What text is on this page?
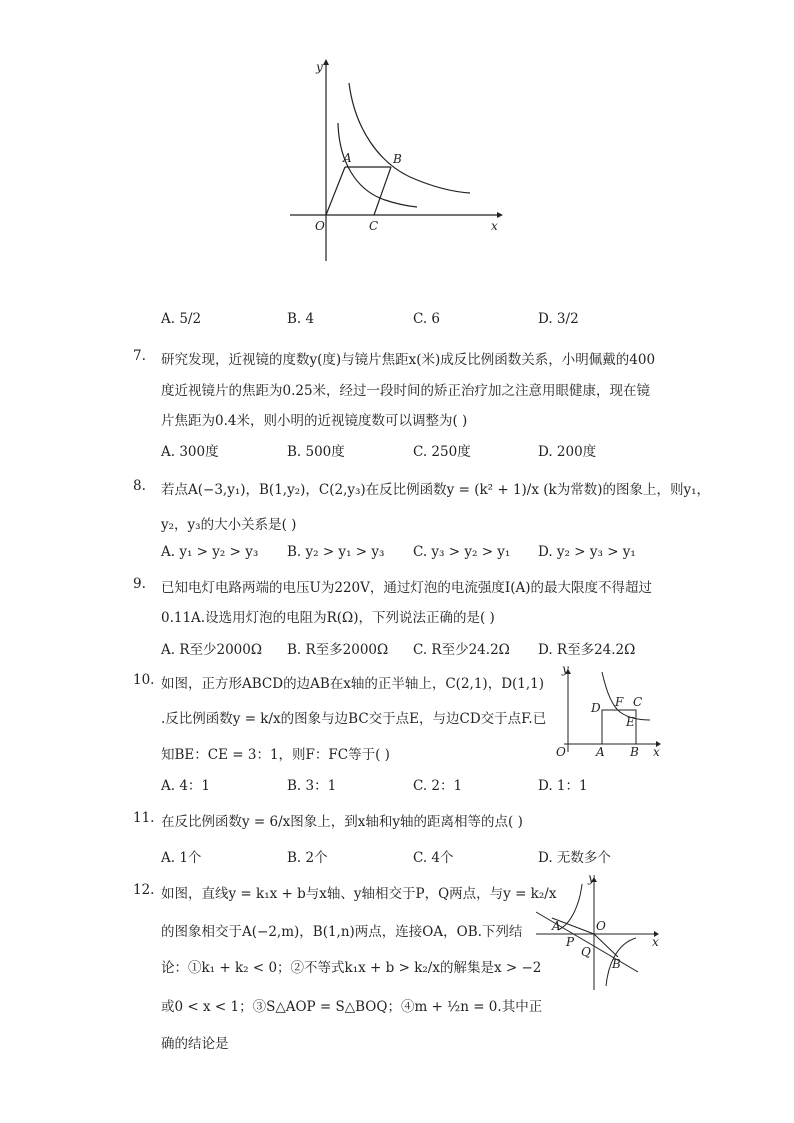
y
x
O
A	B
C
A. 5/2	B. 4	C. 6	D. 3/2
7. 研究发现，近视镜的度数y(度)与镜片焦距x(米)成反比例函数关系，小明佩戴的400
度近视镜片的焦距为0.25米，经过一段时间的矫正治疗加之注意用眼健康，现在镜
片焦距为0.4米，则小明的近视镜度数可以调整为( )
A. 300度	B. 500度	C. 250度	D. 200度
8. 若点A(−3,y₁)，B(1,y₂)，C(2,y₃)在反比例函数y = (k² + 1)/x (k为常数)的图象上，则y₁，
y₂，y₃的大小关系是( )
A. y₁ > y₂ > y₃ B. y₂ > y₁ > y₃ C. y₃ > y₂ > y₁ D. y₂ > y₃ > y₁
9. 已知电灯电路两端的电压U为220V，通过灯泡的电流强度I(A)的最大限度不得超过
0.11A.设选用灯泡的电阻为R(Ω)，下列说法正确的是( )
A. R至少2000Ω B. R至多2000Ω C. R至少24.2Ω D. R至多24.2Ω
10. 如图，正方形ABCD的边AB在x轴的正半轴上，C(2,1)，D(1,1)
.反比例函数y = k/x的图象与边BC交于点E，与边CD交于点F.已
知BE：CE = 3：1，则F：FC等于( )
A. 4：1	B. 3：1	C. 2：1	D. 1：1
y
x
O	A B
C
D
E
F
11. 在反比例函数y = 6/x图象上，到x轴和y轴的距离相等的点( )
A. 1个	B. 2个	C. 4个	D. 无数多个
12. 如图，直线y = k₁x + b与x轴、y轴相交于P，Q两点，与y = k₂/x
的图象相交于A(−2,m)，B(1,n)两点，连接OA，OB.下列结
论：①k₁ + k₂ < 0；②不等式k₁x + b > k₂/x的解集是x > −2
或0 < x < 1；③S△AOP = S△BOQ；④m + ½n = 0.其中正
确的结论是
y
x
O
A
B
P
Q
